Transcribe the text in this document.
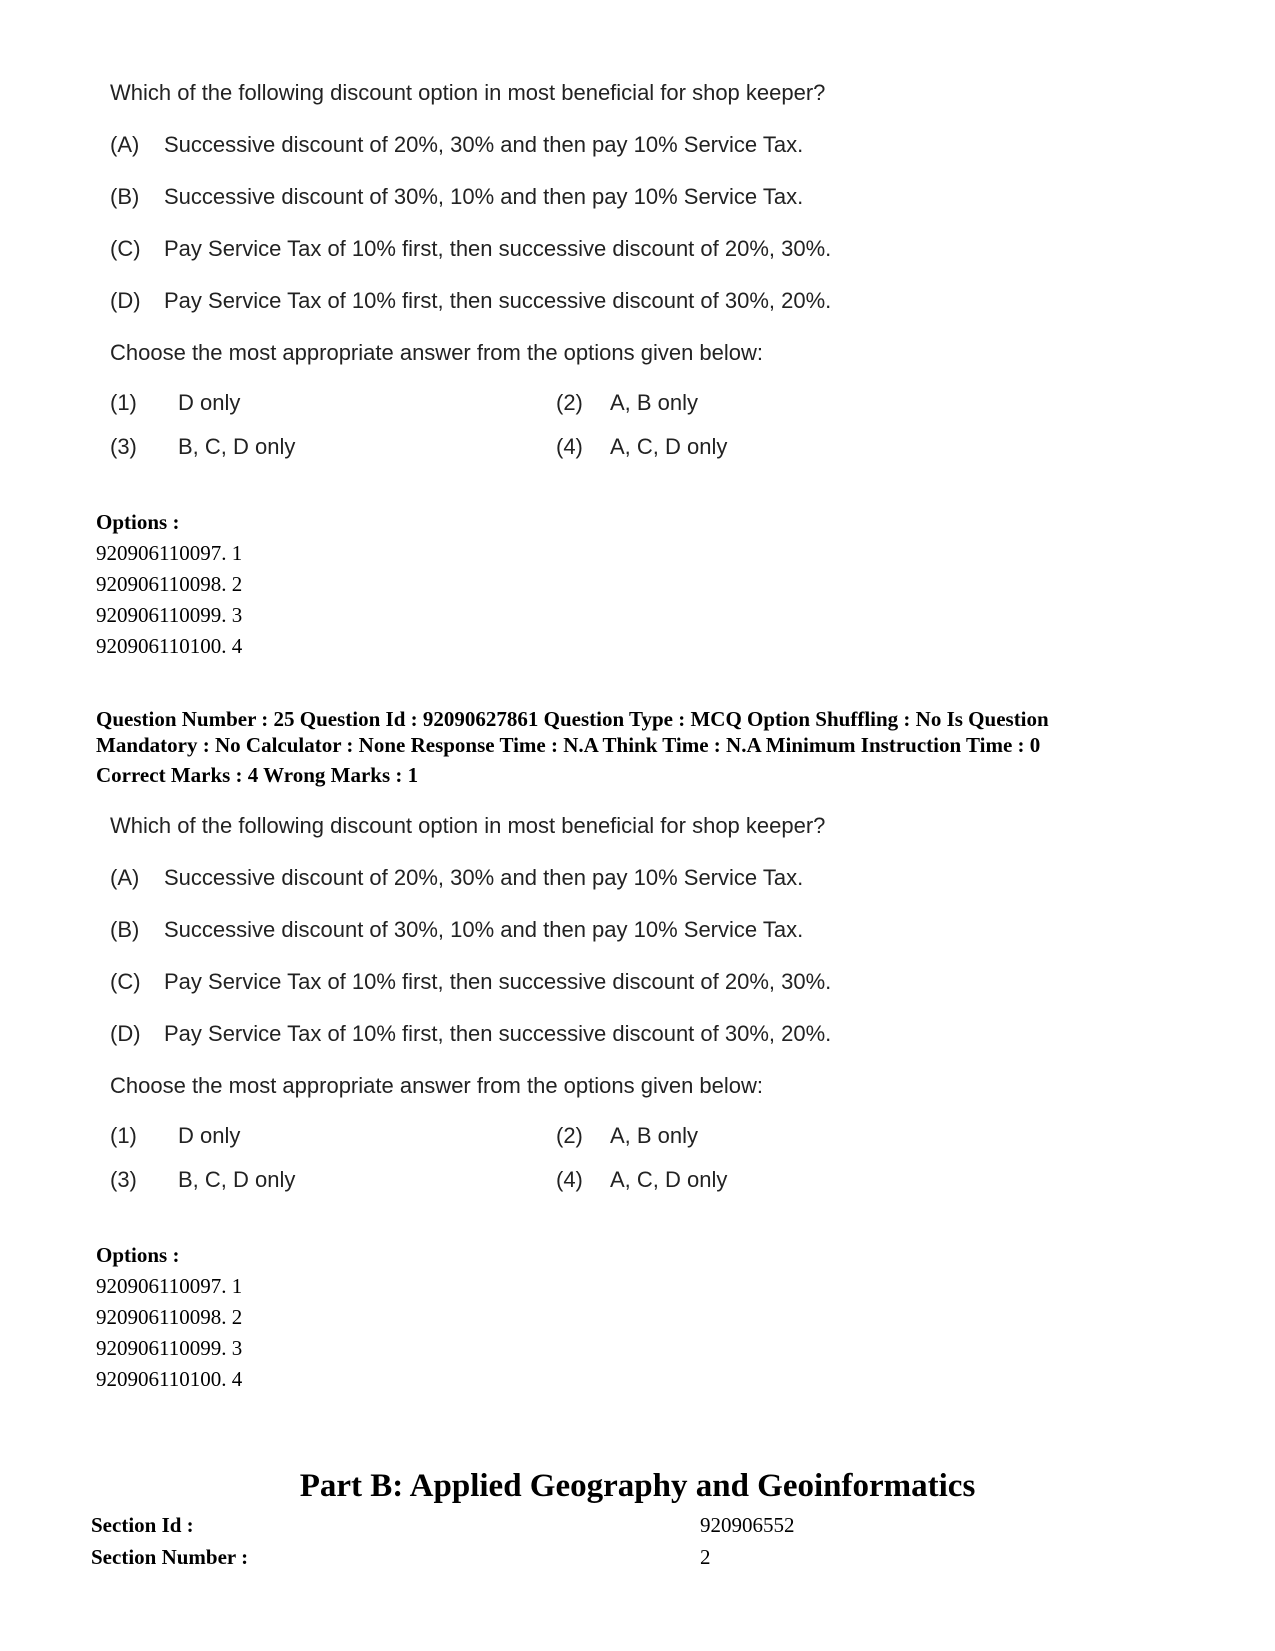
Which of the following discount option in most beneficial for shop keeper?
(A) Successive discount of 20%, 30% and then pay 10% Service Tax.
(B) Successive discount of 30%, 10% and then pay 10% Service Tax.
(C) Pay Service Tax of 10% first, then successive discount of 20%, 30%.
(D) Pay Service Tax of 10% first, then successive discount of 30%, 20%.
Choose the most appropriate answer from the options given below:
(1) D only	(2) A, B only
(3) B, C, D only	(4) A, C, D only
Options :
920906110097. 1
920906110098. 2
920906110099. 3
920906110100. 4
Question Number : 25 Question Id : 92090627861 Question Type : MCQ Option Shuffling : No Is Question Mandatory : No Calculator : None Response Time : N.A Think Time : N.A Minimum Instruction Time : 0
Correct Marks : 4 Wrong Marks : 1
Which of the following discount option in most beneficial for shop keeper?
(A) Successive discount of 20%, 30% and then pay 10% Service Tax.
(B) Successive discount of 30%, 10% and then pay 10% Service Tax.
(C) Pay Service Tax of 10% first, then successive discount of 20%, 30%.
(D) Pay Service Tax of 10% first, then successive discount of 30%, 20%.
Choose the most appropriate answer from the options given below:
(1) D only	(2) A, B only
(3) B, C, D only	(4) A, C, D only
Options :
920906110097. 1
920906110098. 2
920906110099. 3
920906110100. 4
Part B: Applied Geography and Geoinformatics
Section Id :	920906552
Section Number :	2
